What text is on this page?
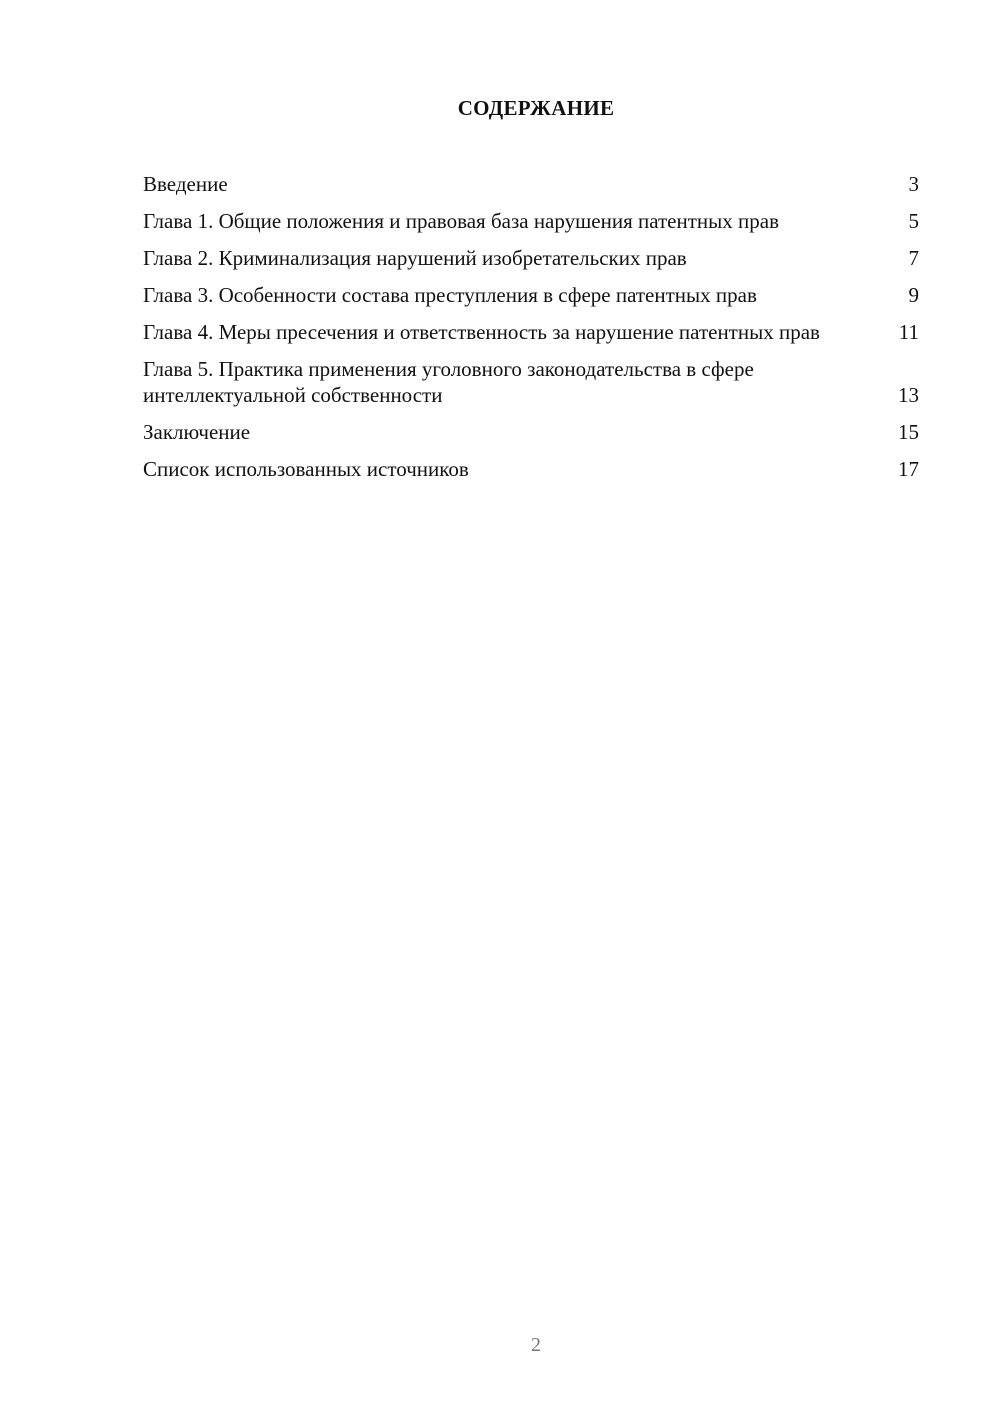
СОДЕРЖАНИЕ
Введение	3
Глава 1. Общие положения и правовая база нарушения патентных прав	5
Глава 2. Криминализация нарушений изобретательских прав	7
Глава 3. Особенности состава преступления в сфере патентных прав	9
Глава 4. Меры пресечения и ответственность за нарушение патентных прав	11
Глава 5. Практика применения уголовного законодательства в сфере интеллектуальной собственности	13
Заключение	15
Список использованных источников	17
2
